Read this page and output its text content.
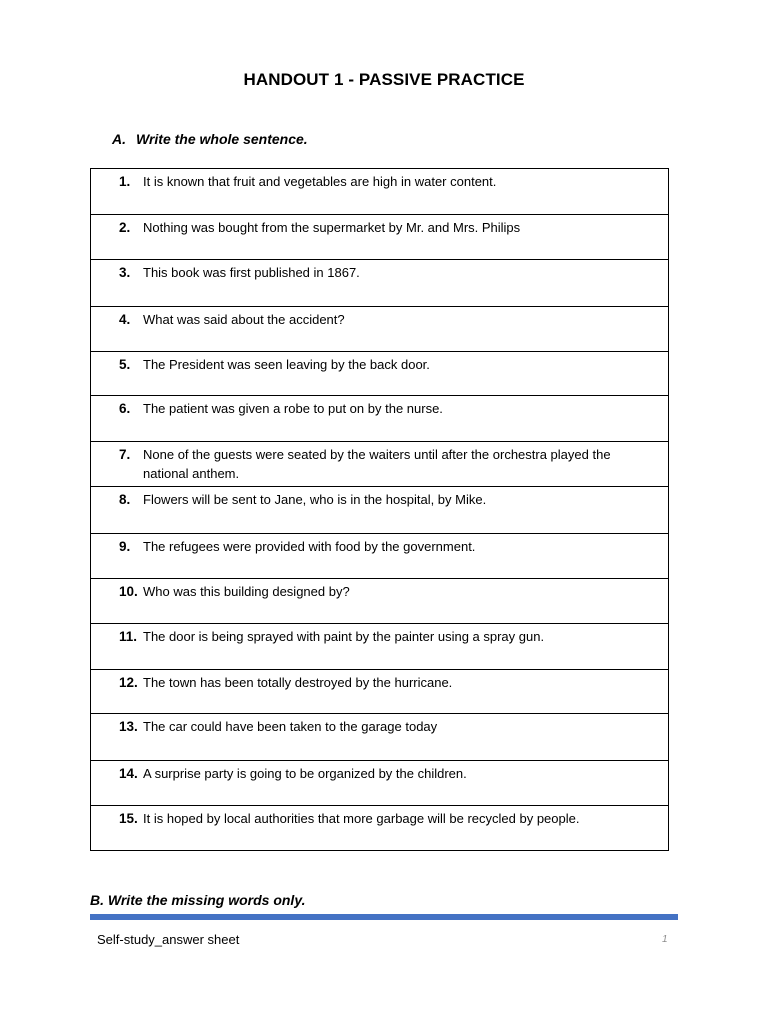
HANDOUT 1 - PASSIVE PRACTICE
A. Write the whole sentence.
1. It is known that fruit and vegetables are high in water content.

2. Nothing was bought from the supermarket by Mr. and Mrs. Philips

3. This book was first published in 1867.

4. What was said about the accident?

5. The President was seen leaving by the back door.

6. The patient was given a robe to put on by the nurse.

7. None of the guests were seated by the waiters until after the orchestra played the national anthem.

8. Flowers will be sent to Jane, who is in the hospital, by Mike.

9. The refugees were provided with food by the government.

10. Who was this building designed by?

11. The door is being sprayed with paint by the painter using a spray gun.

12. The town has been totally destroyed by the hurricane.

13. The car could have been taken to the garage today

14. A surprise party is going to be organized by the children.

15. It is hoped by local authorities that more garbage will be recycled by people.
B. Write the missing words only.
Self-study_answer sheet	1
